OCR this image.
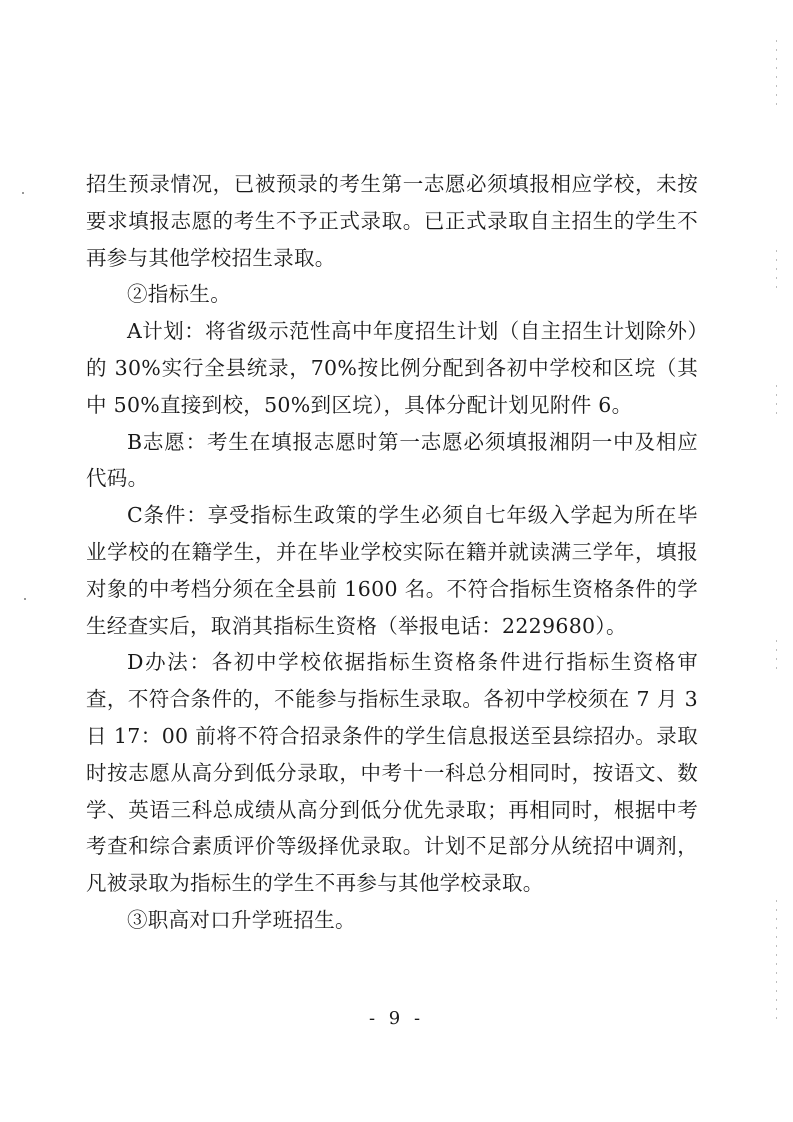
招生预录情况，已被预录的考生第一志愿必须填报相应学校，未按要求填报志愿的考生不予正式录取。已正式录取自主招生的学生不再参与其他学校招生录取。

②指标生。

A计划：将省级示范性高中年度招生计划（自主招生计划除外）的 30%实行全县统录，70%按比例分配到各初中学校和区垸（其中 50%直接到校，50%到区垸），具体分配计划见附件 6。

B志愿：考生在填报志愿时第一志愿必须填报湘阴一中及相应代码。

C条件：享受指标生政策的学生必须自七年级入学起为所在毕业学校的在籍学生，并在毕业学校实际在籍并就读满三学年，填报对象的中考档分须在全县前 1600 名。不符合指标生资格条件的学生经查实后，取消其指标生资格（举报电话：2229680）。

D办法：各初中学校依据指标生资格条件进行指标生资格审查，不符合条件的，不能参与指标生录取。各初中学校须在 7 月 3 日 17：00 前将不符合招录条件的学生信息报送至县综招办。录取时按志愿从高分到低分录取，中考十一科总分相同时，按语文、数学、英语三科总成绩从高分到低分优先录取；再相同时，根据中考考查和综合素质评价等级择优录取。计划不足部分从统招中调剂，凡被录取为指标生的学生不再参与其他学校录取。

③职高对口升学班招生。

- 9 -
